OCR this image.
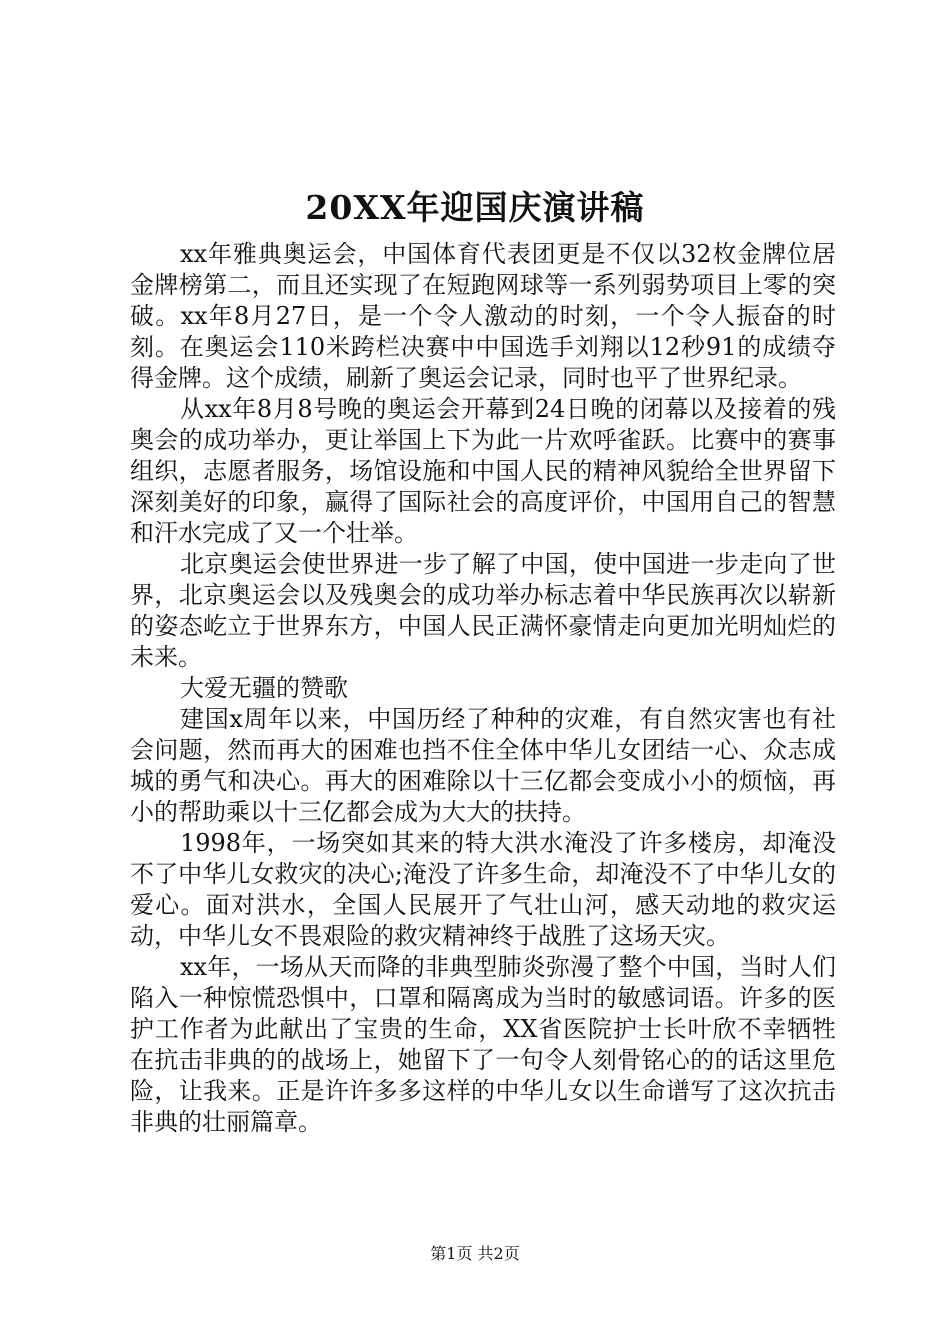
20XX年迎国庆演讲稿

xx年雅典奥运会，中国体育代表团更是不仅以32枚金牌位居金牌榜第二，而且还实现了在短跑网球等一系列弱势项目上零的突破。xx年8月27日，是一个令人激动的时刻，一个令人振奋的时刻。在奥运会110米跨栏决赛中中国选手刘翔以12秒91的成绩夺得金牌。这个成绩，刷新了奥运会记录，同时也平了世界纪录。

从xx年8月8号晚的奥运会开幕到24日晚的闭幕以及接着的残奥会的成功举办，更让举国上下为此一片欢呼雀跃。比赛中的赛事组织，志愿者服务，场馆设施和中国人民的精神风貌给全世界留下深刻美好的印象，赢得了国际社会的高度评价，中国用自己的智慧和汗水完成了又一个壮举。

北京奥运会使世界进一步了解了中国，使中国进一步走向了世界，北京奥运会以及残奥会的成功举办标志着中华民族再次以崭新的姿态屹立于世界东方，中国人民正满怀豪情走向更加光明灿烂的未来。

大爱无疆的赞歌

建国x周年以来，中国历经了种种的灾难，有自然灾害也有社会问题，然而再大的困难也挡不住全体中华儿女团结一心、众志成城的勇气和决心。再大的困难除以十三亿都会变成小小的烦恼，再小的帮助乘以十三亿都会成为大大的扶持。

1998年，一场突如其来的特大洪水淹没了许多楼房，却淹没不了中华儿女救灾的决心;淹没了许多生命，却淹没不了中华儿女的爱心。面对洪水，全国人民展开了气壮山河，感天动地的救灾运动，中华儿女不畏艰险的救灾精神终于战胜了这场天灾。

xx年，一场从天而降的非典型肺炎弥漫了整个中国，当时人们陷入一种惊慌恐惧中，口罩和隔离成为当时的敏感词语。许多的医护工作者为此献出了宝贵的生命，XX省医院护士长叶欣不幸牺牲在抗击非典的的战场上，她留下了一句令人刻骨铭心的的话这里危险，让我来。正是许许多多这样的中华儿女以生命谱写了这次抗击非典的壮丽篇章。

第1页 共2页
